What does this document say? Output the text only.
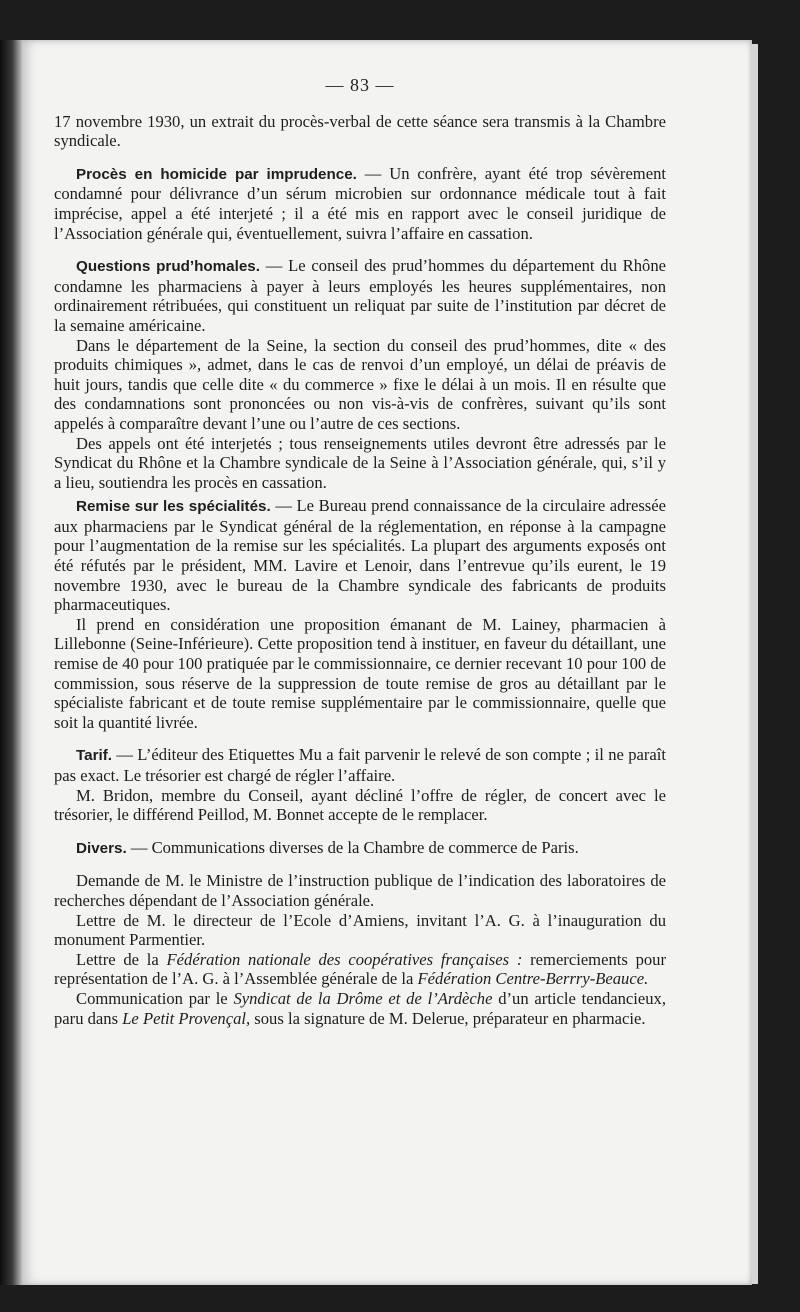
— 83 —

17 novembre 1930, un extrait du procès-verbal de cette séance sera transmis à la Chambre syndicale.

Procès en homicide par imprudence. — Un confrère, ayant été trop sévèrement condamné pour délivrance d’un sérum microbien sur ordonnance médicale tout à fait imprécise, appel a été interjeté ; il a été mis en rapport avec le conseil juridique de l’Association générale qui, éventuellement, suivra l’affaire en cassation.

Questions prud’homales. — Le conseil des prud’hommes du département du Rhône condamne les pharmaciens à payer à leurs employés les heures supplémentaires, non ordinairement rétribuées, qui constituent un reliquat par suite de l’institution par décret de la semaine américaine.

Dans le département de la Seine, la section du conseil des prud’hommes, dite « des produits chimiques », admet, dans le cas de renvoi d’un employé, un délai de préavis de huit jours, tandis que celle dite « du commerce » fixe le délai à un mois. Il en résulte que des condamnations sont prononcées ou non vis-à-vis de confrères, suivant qu’ils sont appelés à comparaître devant l’une ou l’autre de ces sections.

Des appels ont été interjetés ; tous renseignements utiles devront être adressés par le Syndicat du Rhône et la Chambre syndicale de la Seine à l’Association générale, qui, s’il y a lieu, soutiendra les procès en cassation.

Remise sur les spécialités. — Le Bureau prend connaissance de la circulaire adressée aux pharmaciens par le Syndicat général de la réglementation, en réponse à la campagne pour l’augmentation de la remise sur les spécialités. La plupart des arguments exposés ont été réfutés par le président, MM. Lavire et Lenoir, dans l’entrevue qu’ils eurent, le 19 novembre 1930, avec le bureau de la Chambre syndicale des fabricants de produits pharmaceutiques.

Il prend en considération une proposition émanant de M. Lainey, pharmacien à Lillebonne (Seine-Inférieure). Cette proposition tend à instituer, en faveur du détaillant, une remise de 40 pour 100 pratiquée par le commissionnaire, ce dernier recevant 10 pour 100 de commission, sous réserve de la suppression de toute remise de gros au détaillant par le spécialiste fabricant et de toute remise supplémentaire par le commissionnaire, quelle que soit la quantité livrée.

Tarif. — L’éditeur des Etiquettes Mu a fait parvenir le relevé de son compte ; il ne paraît pas exact. Le trésorier est chargé de régler l’affaire.

M. Bridon, membre du Conseil, ayant décliné l’offre de régler, de concert avec le trésorier, le différend Peillod, M. Bonnet accepte de le remplacer.

Divers. — Communications diverses de la Chambre de commerce de Paris.

Demande de M. le Ministre de l’instruction publique de l’indication des laboratoires de recherches dépendant de l’Association générale.

Lettre de M. le directeur de l’Ecole d’Amiens, invitant l’A. G. à l’inauguration du monument Parmentier.

Lettre de la Fédération nationale des coopératives françaises : remerciements pour représentation de l’A. G. à l’Assemblée générale de la Fédération Centre-Berrry-Beauce.

Communication par le Syndicat de la Drôme et de l’Ardèche d’un article tendancieux, paru dans Le Petit Provençal, sous la signature de M. Delerue, préparateur en pharmacie.
